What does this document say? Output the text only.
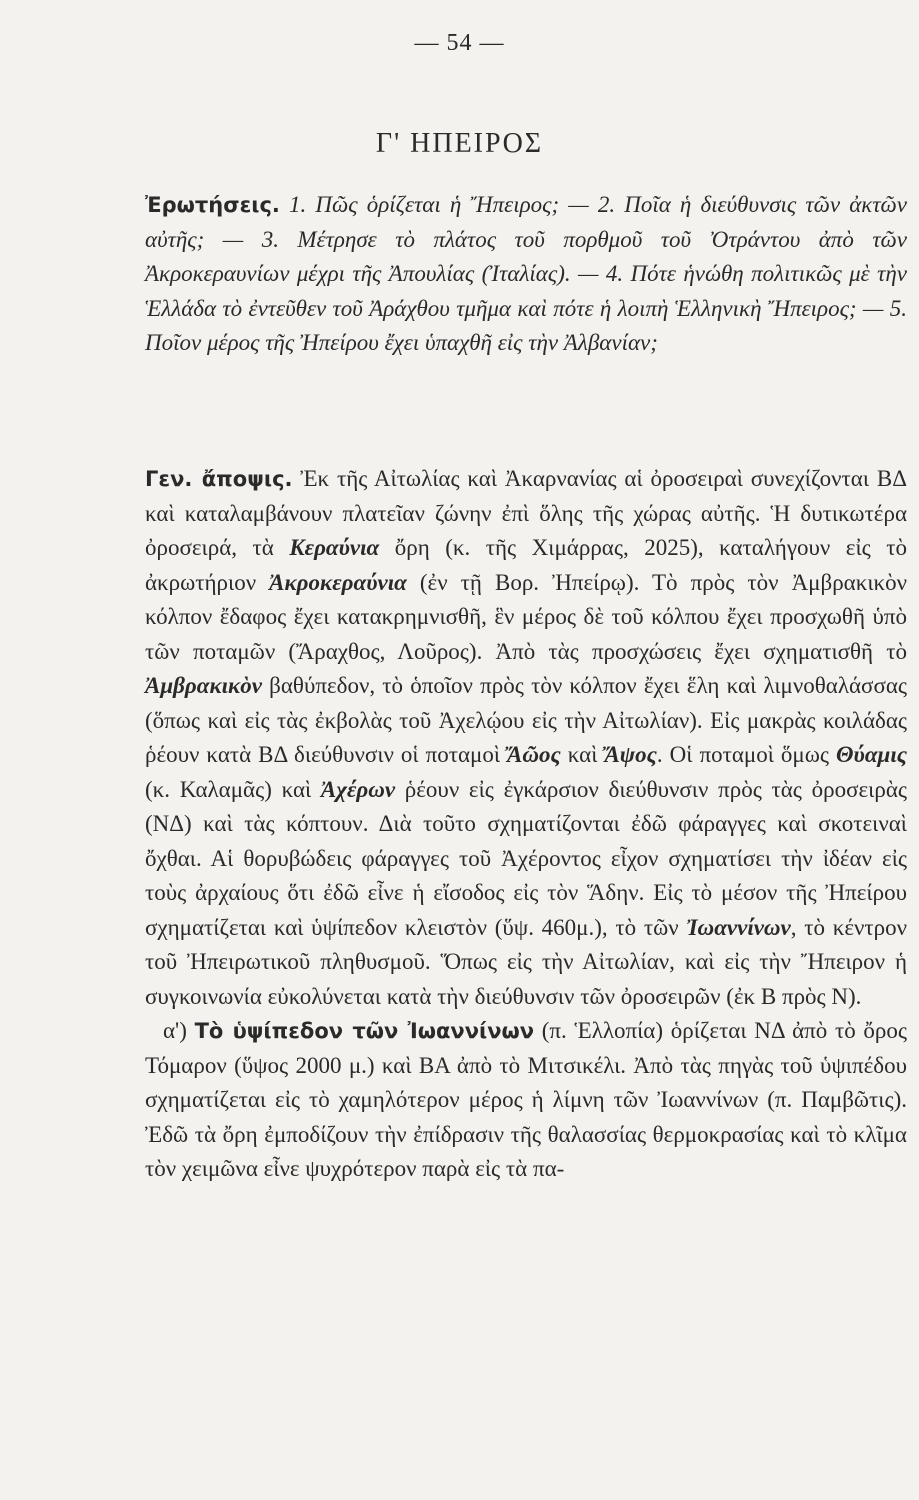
— 54 —
Γ' ΗΠΕΙΡΟΣ
Ἐρωτήσεις. 1. Πῶς ὁρίζεται ἡ Ἤπειρος; — 2. Ποῖα ἡ διεύθυνσις τῶν ἀκτῶν αὐτῆς; — 3. Μέτρησε τὸ πλάτος τοῦ πορθμοῦ τοῦ Ὀτράντου ἀπὸ τῶν Ἀκροκεραυνίων μέχρι τῆς Ἀπουλίας (Ἰταλίας). — 4. Πότε ἡνώθη πολιτικῶς μὲ τὴν Ἑλλάδα τὸ ἐντεῦθεν τοῦ Ἀράχθου τμῆμα καὶ πότε ἡ λοιπὴ Ἑλληνικὴ Ἤπειρος; — 5. Ποῖον μέρος τῆς Ἠπείρου ἔχει ὑπαχθῆ εἰς τὴν Ἀλβανίαν;

Γεν. ἄποψις. Ἐκ τῆς Αἰτωλίας καὶ Ἀκαρνανίας αἱ ὀροσειραὶ συνεχίζονται ΒΔ καὶ καταλαμβάνουν πλατεῖαν ζώνην ἐπὶ ὅλης τῆς χώρας αὐτῆς. Ἡ δυτικωτέρα ὀροσειρά, τὰ Κεραύνια ὄρη (κ. τῆς Χιμάρρας, 2025), καταλήγουν εἰς τὸ ἀκρωτήριον Ἀκροκεραύνια (ἐν τῇ Βορ. Ἠπείρῳ). Τὸ πρὸς τὸν Ἀμβρακικὸν κόλπον ἔδαφος ἔχει κατακρημνισθῆ, ἓν μέρος δὲ τοῦ κόλπου ἔχει προσχωθῆ ὑπὸ τῶν ποταμῶν (Ἄραχθος, Λοῦρος). Ἀπὸ τὰς προσχώσεις ἔχει σχηματισθῆ τὸ Ἀμβρακικὸν βαθύπεδον, τὸ ὁποῖον πρὸς τὸν κόλπον ἔχει ἕλη καὶ λιμνοθαλάσσας (ὅπως καὶ εἰς τὰς ἐκβολὰς τοῦ Ἀχελῴου εἰς τὴν Αἰτωλίαν). Εἰς μακρὰς κοιλάδας ῥέουν κατὰ ΒΔ διεύθυνσιν οἱ ποταμοὶ Ἄῶος καὶ Ἄψος. Οἱ ποταμοὶ ὅμως Θύαμις (κ. Καλαμᾶς) καὶ Ἀχέρων ῥέουν εἰς ἐγκάρσιον διεύθυνσιν πρὸς τὰς ὀροσειρὰς (ΝΔ) καὶ τὰς κόπτουν. Διὰ τοῦτο σχηματίζονται ἐδῶ φάραγγες καὶ σκοτειναὶ ὄχθαι. Αἱ θορυβώδεις φάραγγες τοῦ Ἀχέροντος εἶχον σχηματίσει τὴν ἰδέαν εἰς τοὺς ἀρχαίους ὅτι ἐδῶ εἶνε ἡ εἴσοδος εἰς τὸν Ἅδην. Εἰς τὸ μέσον τῆς Ἠπείρου σχηματίζεται καὶ ὑψίπεδον κλειστὸν (ὕψ. 460μ.), τὸ τῶν Ἰωαννίνων, τὸ κέντρον τοῦ Ἠπειρωτικοῦ πληθυσμοῦ. Ὅπως εἰς τὴν Αἰτωλίαν, καὶ εἰς τὴν Ἤπειρον ἡ συγκοινωνία εὐκολύνεται κατὰ τὴν διεύθυνσιν τῶν ὀροσειρῶν (ἐκ Β πρὸς Ν).

α') Τὸ ὑψίπεδον τῶν Ἰωαννίνων (π. Ἑλλοπία) ὁρίζεται ΝΔ ἀπὸ τὸ ὄρος Τόμαρον (ὕψος 2000 μ.) καὶ ΒΑ ἀπὸ τὸ Μιτσικέλι. Ἀπὸ τὰς πηγὰς τοῦ ὑψιπέδου σχηματίζεται εἰς τὸ χαμηλότερον μέρος ἡ λίμνη τῶν Ἰωαννίνων (π. Παμβῶτις). Ἐδῶ τὰ ὄρη ἐμποδίζουν τὴν ἐπίδρασιν τῆς θαλασσίας θερμοκρασίας καὶ τὸ κλῖμα τὸν χειμῶνα εἶνε ψυχρότερον παρὰ εἰς τὰ πα-
